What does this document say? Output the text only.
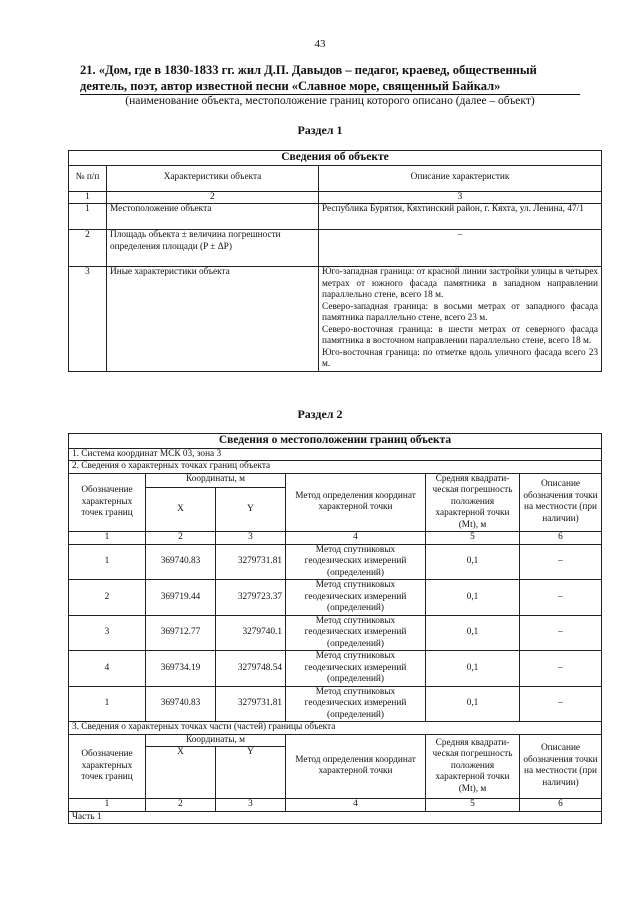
43
21. «Дом, где в 1830-1833 гг. жил Д.П. Давыдов – педагог, краевед, общественный

деятель, поэт, автор известной песни «Славное море, священный Байкал»
(наименование объекта, местоположение границ которого описано (далее – объект)
Раздел 1
Сведения об объекте		
№ п/п	Характеристики объекта	Описание характеристик
1	2	3
1	Местоположение объекта	Республика Бурятия, Кяхтинский район, г. Кяхта, ул. Ленина, 47/1
2	Площадь объекта ± величина погрешности определения площади (P ± ΔP)	–
3	Иные характеристики объекта	Юго-западная граница: от красной линии застройки улицы в четырех метрах от южного фасада памятника в западном направлении параллельно стене, всего 18 м.
Северо-западная граница: в восьми метрах от западного фасада памятника параллельно стене, всего 23 м.
Северо-восточная граница: в шести метрах от северного фасада памятника в восточном направлении параллельно стене, всего 18 м.
Юго-восточная граница: по отметке вдоль уличного фасада всего 23 м.
Раздел 2
Сведения о местоположении границ объекта					
1. Система координат МСК 03, зона 3					
2. Сведения о характерных точках границ объекта					
Обозначение характерных точек границ	Координаты, м		Метод определения координат характерной точки	Средняя квадрати-ческая погрешность положения характерной точки (Mt), м	Описание обозначения точки на местности (при наличии)
	X	Y			
1	2	3	4	5	6
1	369740.83	3279731.81	Метод спутниковых геодезических измерений (определений)	0,1	–
2	369719.44	3279723.37	Метод спутниковых геодезических измерений (определений)	0,1	–
3	369712.77	3279740.1	Метод спутниковых геодезических измерений (определений)	0,1	–
4	369734.19	3279748.54	Метод спутниковых геодезических измерений (определений)	0,1	–
1	369740.83	3279731.81	Метод спутниковых геодезических измерений (определений)	0,1	–
3. Сведения о характерных точках части (частей) границы объекта					
Обозначение характерных точек границ	Координаты, м		Метод определения координат характерной точки	Средняя квадрати-ческая погрешность положения характерной точки (Mt), м	Описание обозначения точки на местности (при наличии)
	X	Y			
1	2	3	4	5	6
Часть 1					
